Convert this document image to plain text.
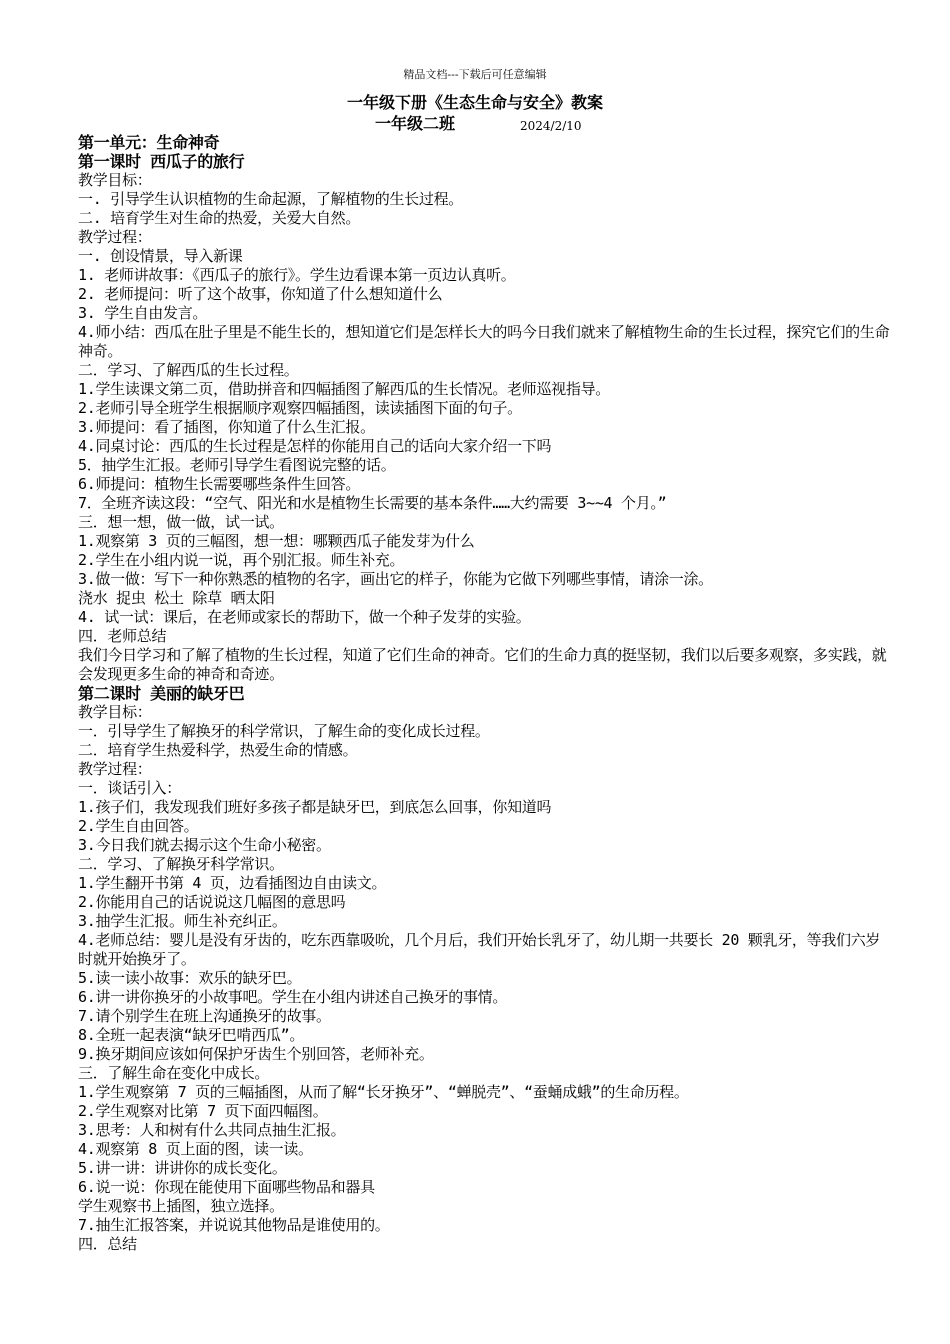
精品文档---下载后可任意编辑
一年级下册《生态生命与安全》教案
一年级二班	2024/2/10
第一单元：生命神奇
第一课时 西瓜子的旅行
教学目标：
一. 引导学生认识植物的生命起源，了解植物的生长过程。
二. 培育学生对生命的热爱，关爱大自然。
教学过程：
一. 创设情景，导入新课
1. 老师讲故事：《西瓜子的旅行》。学生边看课本第一页边认真听。
2. 老师提问：听了这个故事，你知道了什么想知道什么
3. 学生自由发言。
4.师小结：西瓜在肚子里是不能生长的，想知道它们是怎样长大的吗今日我们就来了解植物生命的生长过程，探究它们的生命神奇。
二．学习、了解西瓜的生长过程。
1.学生读课文第二页，借助拼音和四幅插图了解西瓜的生长情况。老师巡视指导。
2.老师引导全班学生根据顺序观察四幅插图，读读插图下面的句子。
3.师提问：看了插图，你知道了什么生汇报。
4.同桌讨论：西瓜的生长过程是怎样的你能用自己的话向大家介绍一下吗
5．抽学生汇报。老师引导学生看图说完整的话。
6.师提问：植物生长需要哪些条件生回答。
7．全班齐读这段：“空气、阳光和水是植物生长需要的基本条件……大约需要 3~~4 个月。”
三．想一想，做一做，试一试。
1.观察第 3 页的三幅图，想一想：哪颗西瓜子能发芽为什么
2.学生在小组内说一说，再个别汇报。师生补充。
3.做一做：写下一种你熟悉的植物的名字，画出它的样子，你能为它做下列哪些事情，请涂一涂。
浇水 捉虫 松土 除草 晒太阳
4. 试一试：课后，在老师或家长的帮助下，做一个种子发芽的实验。
四．老师总结
我们今日学习和了解了植物的生长过程，知道了它们生命的神奇。它们的生命力真的挺坚韧，我们以后要多观察，多实践，就会发现更多生命的神奇和奇迹。
第二课时 美丽的缺牙巴
教学目标：
一．引导学生了解换牙的科学常识，了解生命的变化成长过程。
二．培育学生热爱科学，热爱生命的情感。
教学过程：
一．谈话引入：
1.孩子们，我发现我们班好多孩子都是缺牙巴，到底怎么回事，你知道吗
2.学生自由回答。
3.今日我们就去揭示这个生命小秘密。
二．学习、了解换牙科学常识。
1.学生翻开书第 4 页，边看插图边自由读文。
2.你能用自己的话说说这几幅图的意思吗
3.抽学生汇报。师生补充纠正。
4.老师总结：婴儿是没有牙齿的，吃东西靠吸吮，几个月后，我们开始长乳牙了，幼儿期一共要长 20 颗乳牙，等我们六岁时就开始换牙了。
5.读一读小故事：欢乐的缺牙巴。
6.讲一讲你换牙的小故事吧。学生在小组内讲述自己换牙的事情。
7.请个别学生在班上沟通换牙的故事。
8.全班一起表演“缺牙巴啃西瓜”。
9.换牙期间应该如何保护牙齿生个别回答，老师补充。
三．了解生命在变化中成长。
1.学生观察第 7 页的三幅插图，从而了解“长牙换牙”、“蝉脱壳”、“蚕蛹成蛾”的生命历程。
2.学生观察对比第 7 页下面四幅图。
3.思考：人和树有什么共同点抽生汇报。
4.观察第 8 页上面的图，读一读。
5.讲一讲：讲讲你的成长变化。
6.说一说：你现在能使用下面哪些物品和器具
学生观察书上插图，独立选择。
7.抽生汇报答案，并说说其他物品是谁使用的。
四．总结
